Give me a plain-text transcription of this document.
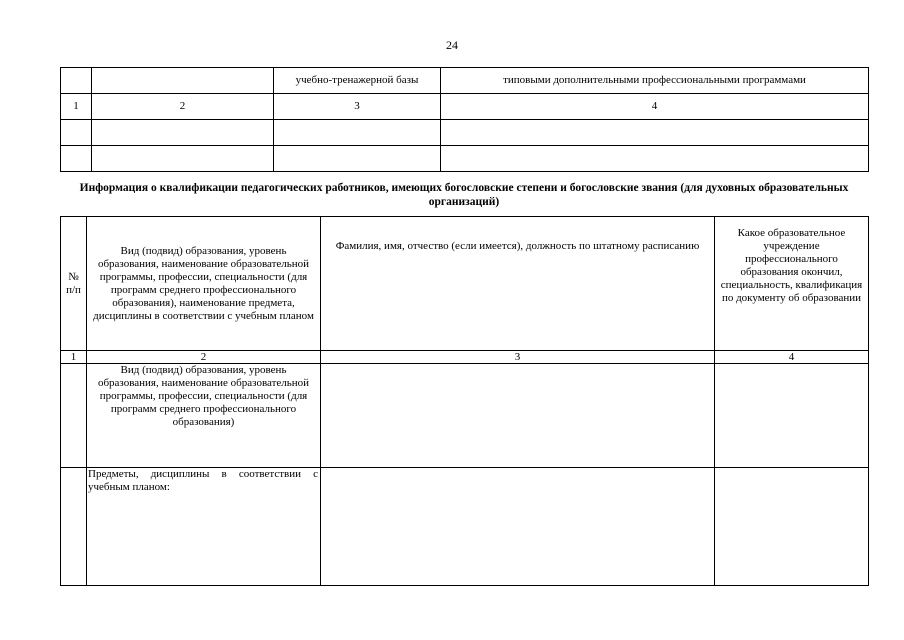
24
		учебно-тренажерной базы	типовыми дополнительными профессиональными программами
1	2	3	4

Информация о квалификации педагогических работников, имеющих богословские степени и богословские звания (для духовных образовательных организаций)
№ п/п	Вид (подвид) образования, уровень образования, наименование образовательной программы, профессии, специальности (для программ среднего профессионального образования), наименование предмета, дисциплины в соответствии с учебным планом	Фамилия, имя, отчество (если имеется), должность по штатному расписанию	Какое образовательное учреждение профессионального образования окончил, специальность, квалификация по документу об образовании
1	2	3	4
	Вид (подвид) образования, уровень образования, наименование образовательной программы, профессии, специальности (для программ среднего профессионального образования)		
	Предметы, дисциплины в соответствии с учебным планом:		
